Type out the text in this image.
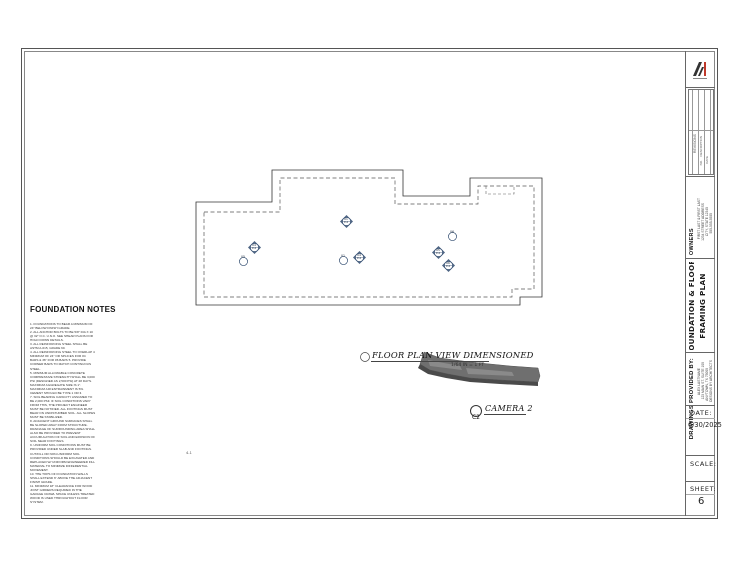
REVISIONS
NO.
DESCRIPTION
DATE
OWNERS
FIRST LAST & FIRST LAST 1234 STREET ADDRESS CITY, STATE 12345 555-555-5555
FOUNDATION & FLOOR FRAMING PLAN
DRAWINGS PROVIDED BY: ALEX LASTNAME 123 MAIN ST. SUITE 100 ANYTOWN, TX 75000 DESIGNS BY ARCHITECTS
DATE:
6/30/2025
SCALE:
SHEET:
6
FOUNDATION NOTES
1. FOUNDATIONS TO BEAR A MINIMUM OF
24" BELOW FINISH GRADE.
2. ALL ANCHOR BOLTS TO BE 5/8" DIA X 10
@ 32" O.C. U.N.O. SEE SHEAR PLANS FOR
HOLD DOWN DETAILS.
3. ALL REINFORCING STEEL SHALL BE
ASTM A-615, GRADE 60.
4. ALL REINFORCING STEEL TO OVERLAP 4
MINIMUM OF 24" OR SPLICES FOR #4
BARS & 36" FOR #6 BARS 5. PROVIDE
CORNER BARS TO MATCH CONTINUOUS
STEEL.
5. MINIMUM ALLOWABLE CONCRETE
COMPRESSIVE STRENGTH SHALL BE 3,000
PSI (DESIGNED AS 2,500 PSI) AT 28 DAYS.
MAXIMUM AGGREGATE SIZE IS 1".
MAXIMUM AIR ENTRAINMENT IS 5%.
CEMENT SHOULD BE TYPE 1 OR II.
7. SOIL BEARING CAPACITY ASSUMED TO
BE 2,000 PSF. IF SOIL CONDITIONS VARY
FROM THIS, THE PROJECT ENGINEER
MUST BE NOTIFIED. ALL FOOTINGS MUST
BEAR ON UNDISTURBED SOIL. ALL SLOPES
MUST BE STABILIZED.
8. ADJACENT GROUND SURFACES SHALL
BE SLOPED AWAY FROM STRUCTURE.
DRAINAGE OF SURROUNDING AREA SHALL
ALSO BE PROVIDED TO PREVENT
ACCUMULATION OF SOIL AND EROSION OF
SOIL NEAR FOOTINGS.
9. UNIFORM SOIL CONDITIONS MUST BE
PROVIDED UNDER SLAB AND FOOTINGS.
CUT/FILL OR NON-UNIFORM SOIL
CONDITIONS SHOULD BE EXCAVATED AND
REPLACED W/ UNIFORM ENGINEERED FILL
MATERIAL TO MINIMIZE DIFFERENTIAL
MOVEMENT.
10. THE TOPS OF FOUNDATION WALLS
SHALL EXTEND 6" ABOVE THE ADJACENT
FINISH GRADE.
11. MINIMUM 18" CLEARANCE FOR WOOD
JOIST GIRDERS REQUIRED IN THE
GARAGE CRAWL SPACE UNLESS TREATED
WOOD IS USED THROUGHOUT FLOOR
SYSTEM.
04
P-4
05
01
P-4
01	04
P-4
05
P-4
06
P-4
06
4-1
FLOOR PLAN VIEW DIMENSIONED
1/64 IN = 1 FT
C2
CAMERA 2
